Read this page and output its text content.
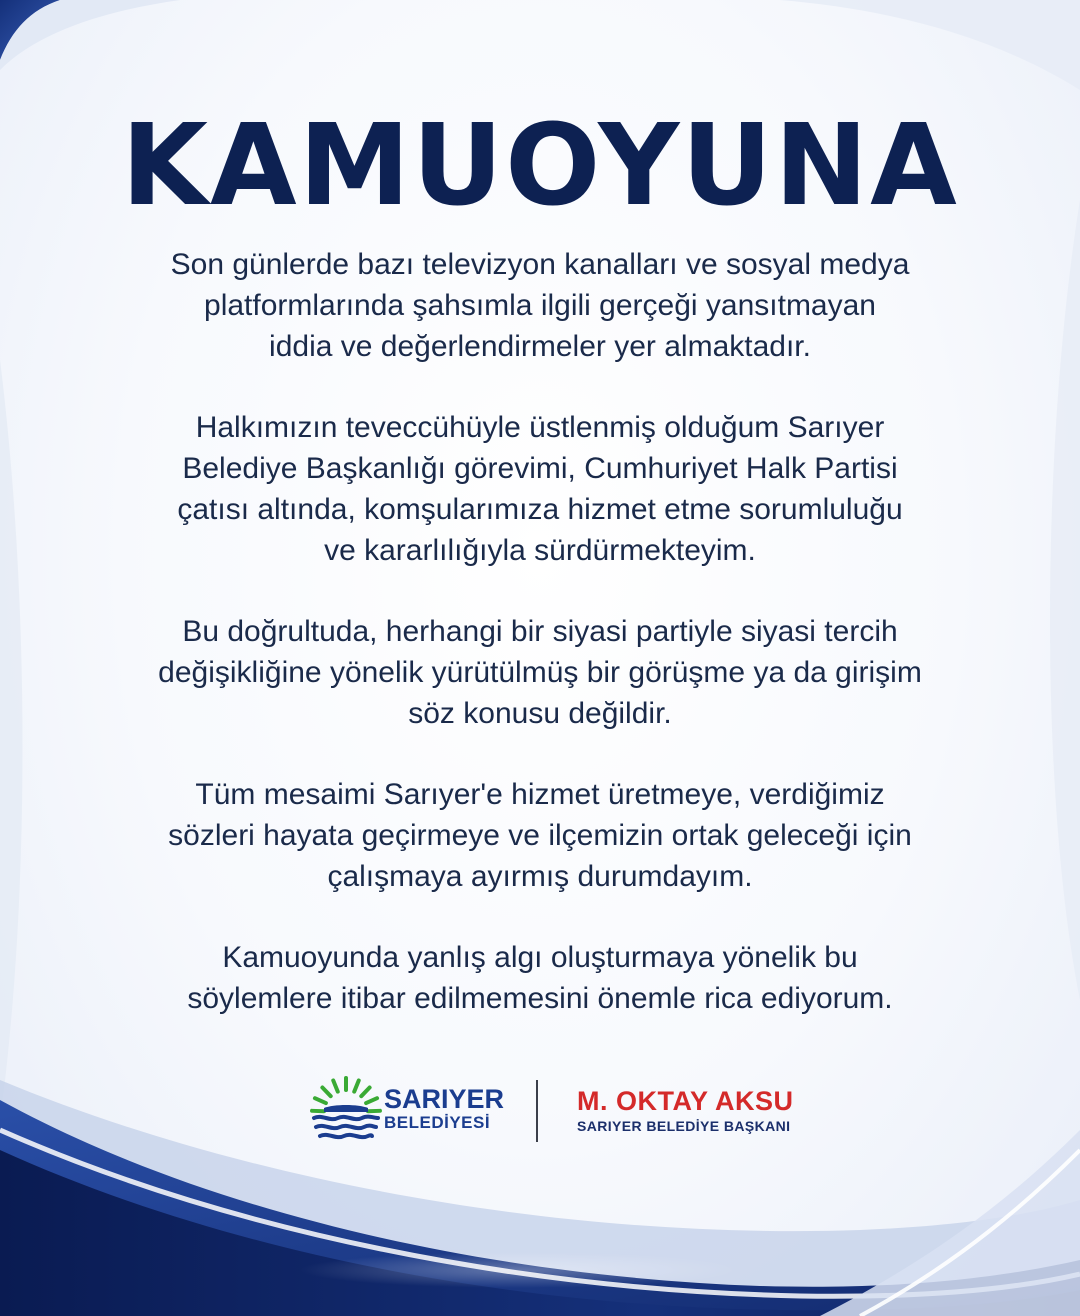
KAMUOYUNA

Son günlerde bazı televizyon kanalları ve sosyal medya
platformlarında şahsımla ilgili gerçeği yansıtmayan
iddia ve değerlendirmeler yer almaktadır.

Halkımızın teveccühüyle üstlenmiş olduğum Sarıyer
Belediye Başkanlığı görevimi, Cumhuriyet Halk Partisi
çatısı altında, komşularımıza hizmet etme sorumluluğu
ve kararlılığıyla sürdürmekteyim.

Bu doğrultuda, herhangi bir siyasi partiyle siyasi tercih
değişikliğine yönelik yürütülmüş bir görüşme ya da girişim
söz konusu değildir.

Tüm mesaimi Sarıyer'e hizmet üretmeye, verdiğimiz
sözleri hayata geçirmeye ve ilçemizin ortak geleceği için
çalışmaya ayırmış durumdayım.

Kamuoyunda yanlış algı oluşturmaya yönelik bu
söylemlere itibar edilmemesini önemle rica ediyorum.

SARIYER
BELEDİYESİ
M. OKTAY AKSU
SARIYER BELEDİYE BAŞKANI
